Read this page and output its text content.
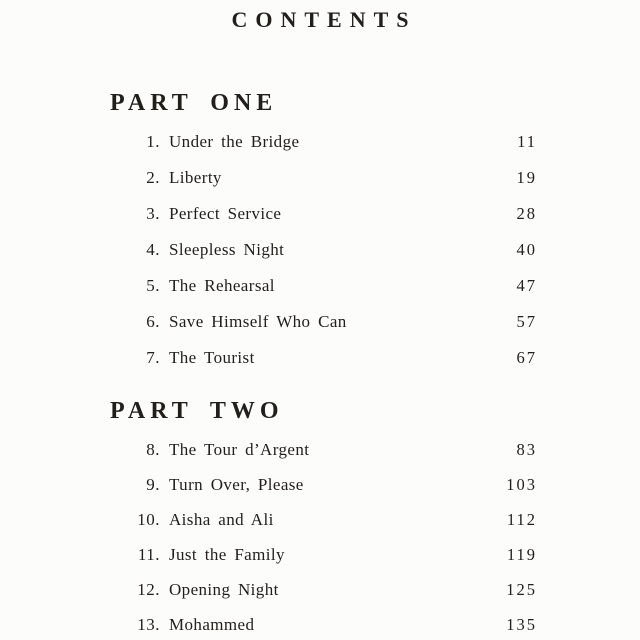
CONTENTS
PART ONE
1. Under the Bridge	11
2. Liberty	19
3. Perfect Service	28
4. Sleepless Night	40
5. The Rehearsal	47
6. Save Himself Who Can	57
7. The Tourist	67
PART TWO
8. The Tour d’Argent	83
9. Turn Over, Please	103
10. Aisha and Ali	112
11. Just the Family	119
12. Opening Night	125
13. Mohammed	135
